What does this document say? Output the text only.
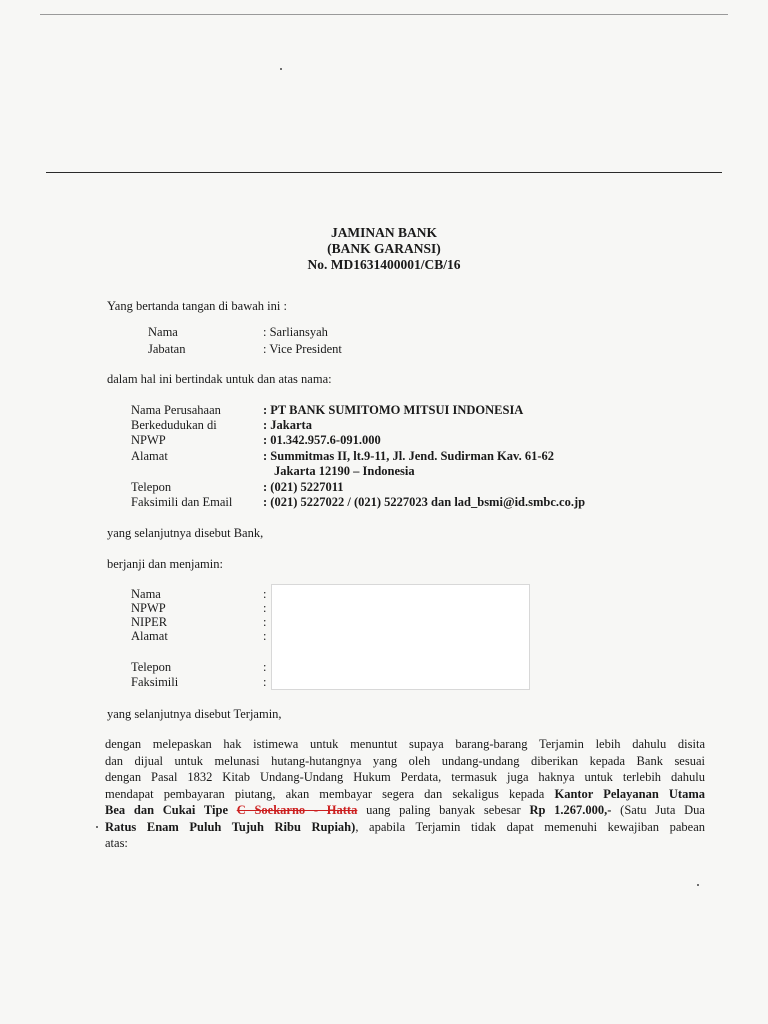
JAMINAN BANK
(BANK GARANSI)
No. MD1631400001/CB/16
Yang bertanda tangan di bawah ini :
Nama	: Sarliansyah
Jabatan	: Vice President
dalam hal ini bertindak untuk dan atas nama:
Nama Perusahaan	: PT BANK SUMITOMO MITSUI INDONESIA
Berkedudukan di	: Jakarta
NPWP	: 01.342.957.6-091.000
Alamat	: Summitmas II, lt.9-11, Jl. Jend. Sudirman Kav. 61-62
Jakarta 12190 – Indonesia
Telepon	: (021) 5227011
Faksimili dan Email : (021) 5227022 / (021) 5227023 dan lad_bsmi@id.smbc.co.jp
yang selanjutnya disebut Bank,
berjanji dan menjamin:
Nama	:
NPWP	:
NIPER	:
Alamat	:
Telepon	:
Faksimili	:
yang selanjutnya disebut Terjamin,
dengan melepaskan hak istimewa untuk menuntut supaya barang-barang Terjamin lebih dahulu disita
dan dijual untuk melunasi hutang-hutangnya yang oleh undang-undang diberikan kepada Bank sesuai
dengan Pasal 1832 Kitab Undang-Undang Hukum Perdata, termasuk juga haknya untuk terlebih dahulu
mendapat pembayaran piutang, akan membayar segera dan sekaligus kepada Kantor Pelayanan Utama
Bea dan Cukai Tipe C Soekarno - Hatta uang paling banyak sebesar Rp 1.267.000,- (Satu Juta Dua
Ratus Enam Puluh Tujuh Ribu Rupiah), apabila Terjamin tidak dapat memenuhi kewajiban pabean
atas:
